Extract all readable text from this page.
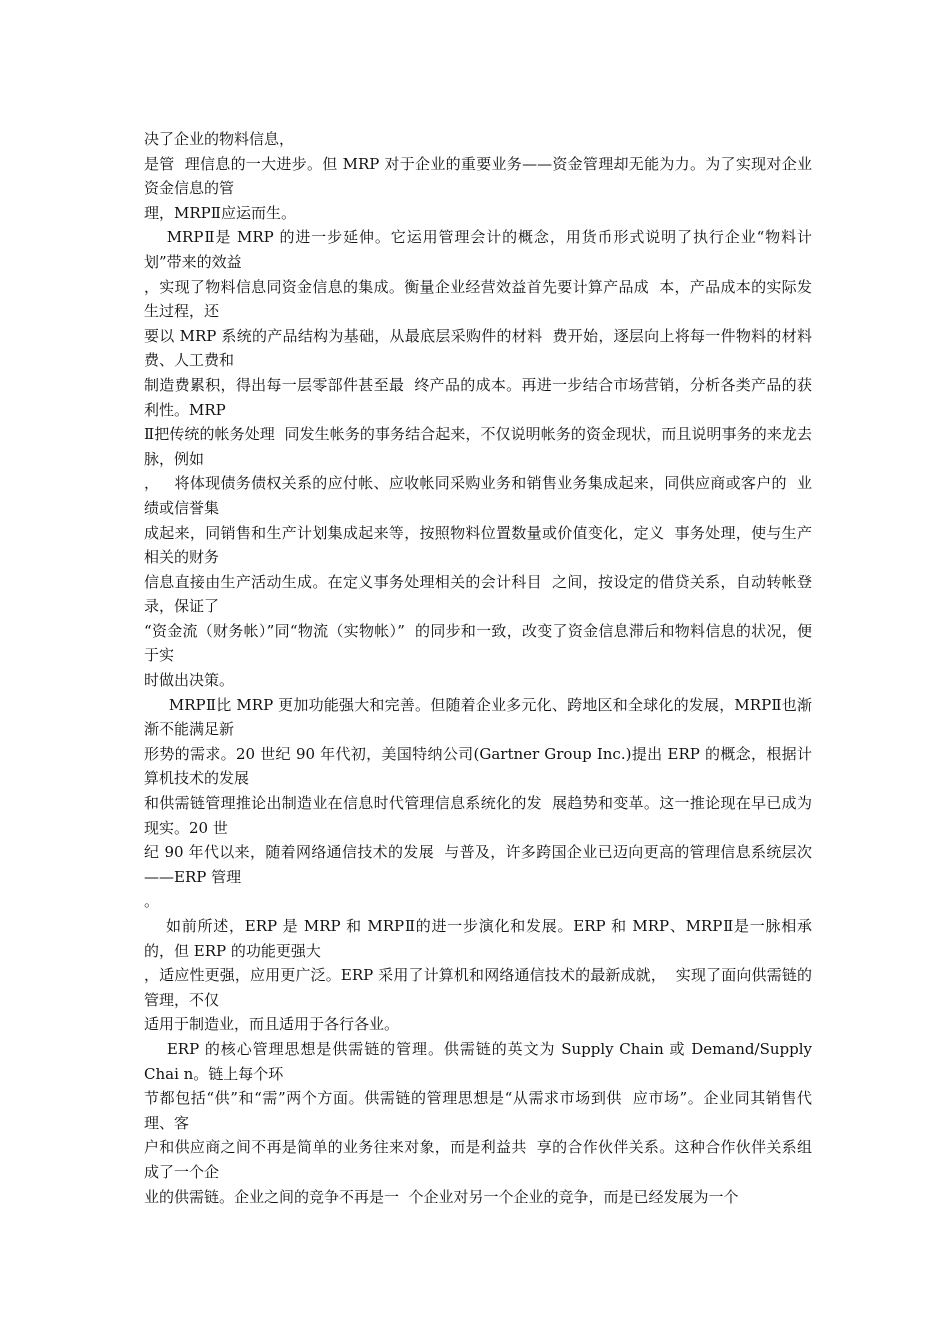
决了企业的物料信息，

是管  理信息的一大进步。但 MRP 对于企业的重要业务——资金管理却无能为力。为了实现对企业  资金信息的管

理，MRPⅡ应运而生。

MRPⅡ是 MRP 的进一步延伸。它运用管理会计的概念，用货币形式说明了执行企业“物料计  划”带来的效益

，实现了物料信息同资金信息的集成。衡量企业经营效益首先要计算产品成  本，产品成本的实际发生过程，还

要以 MRP 系统的产品结构为基础，从最底层采购件的材料  费开始，逐层向上将每一件物料的材料费、人工费和

制造费累积，得出每一层零部件甚至最  终产品的成本。再进一步结合市场营销，分析各类产品的获利性。MRP

Ⅱ把传统的帐务处理  同发生帐务的事务结合起来，不仅说明帐务的资金现状，而且说明事务的来龙去脉，例如

，   将体现债务债权关系的应付帐、应收帐同采购业务和销售业务集成起来，同供应商或客户的  业绩或信誉集

成起来，同销售和生产计划集成起来等，按照物料位置数量或价值变化，定义  事务处理，使与生产相关的财务

信息直接由生产活动生成。在定义事务处理相关的会计科目  之间，按设定的借贷关系，自动转帐登录，保证了

“资金流（财务帐）”同“物流（实物帐）”  的同步和一致，改变了资金信息滞后和物料信息的状况，便于实

时做出决策。

MRPⅡ比 MRP 更加功能强大和完善。但随着企业多元化、跨地区和全球化的发展，MRPⅡ也渐  渐不能满足新

形势的需求。20 世纪 90 年代初，美国特纳公司(Gartner Group Inc.)提出 ERP 的概念，根据计算机技术的发展

和供需链管理推论出制造业在信息时代管理信息系统化的发  展趋势和变革。这一推论现在早已成为现实。20 世

纪 90 年代以来，随着网络通信技术的发展  与普及，许多跨国企业已迈向更高的管理信息系统层次——ERP 管理

。

如前所述，ERP 是 MRP 和 MRPⅡ的进一步演化和发展。ERP 和 MRP、MRPⅡ是一脉相承的，但 ERP 的功能更强大

，适应性更强，应用更广泛。ERP 采用了计算机和网络通信技术的最新成就，  实现了面向供需链的管理，不仅

适用于制造业，而且适用于各行各业。

ERP 的核心管理思想是供需链的管理。供需链的英文为 Supply Chain 或 Demand/Supply Chai n。链上每个环

节都包括“供”和“需”两个方面。供需链的管理思想是“从需求市场到供  应市场”。企业同其销售代理、客

户和供应商之间不再是简单的业务往来对象，而是利益共  享的合作伙伴关系。这种合作伙伴关系组成了一个企

业的供需链。企业之间的竞争不再是一  个企业对另一个企业的竞争，而是已经发展为一个
